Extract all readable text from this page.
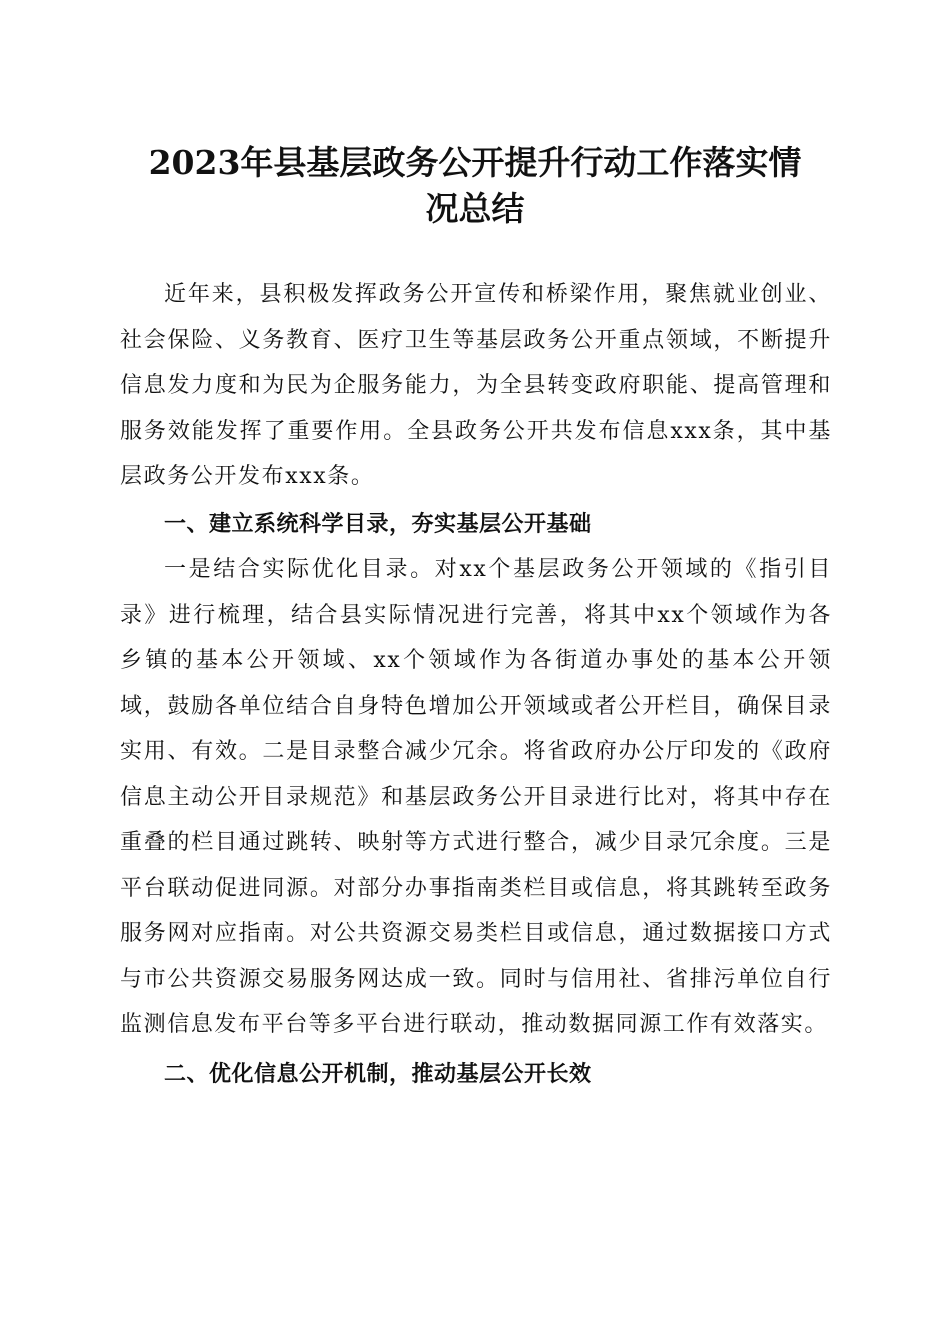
2023年县基层政务公开提升行动工作落实情
况总结

近年来，县积极发挥政务公开宣传和桥梁作用，聚焦就业创业、社会保险、义务教育、医疗卫生等基层政务公开重点领域，不断提升信息发力度和为民为企服务能力，为全县转变政府职能、提高管理和服务效能发挥了重要作用。全县政务公开共发布信息xxx条，其中基层政务公开发布xxx条。

一、建立系统科学目录，夯实基层公开基础

一是结合实际优化目录。对xx个基层政务公开领域的《指引目录》进行梳理，结合县实际情况进行完善，将其中xx个领域作为各乡镇的基本公开领域、xx个领域作为各街道办事处的基本公开领域，鼓励各单位结合自身特色增加公开领域或者公开栏目，确保目录实用、有效。二是目录整合减少冗余。将省政府办公厅印发的《政府信息主动公开目录规范》和基层政务公开目录进行比对，将其中存在重叠的栏目通过跳转、映射等方式进行整合，减少目录冗余度。三是平台联动促进同源。对部分办事指南类栏目或信息，将其跳转至政务服务网对应指南。对公共资源交易类栏目或信息，通过数据接口方式与市公共资源交易服务网达成一致。同时与信用社、省排污单位自行监测信息发布平台等多平台进行联动，推动数据同源工作有效落实。

二、优化信息公开机制，推动基层公开长效
